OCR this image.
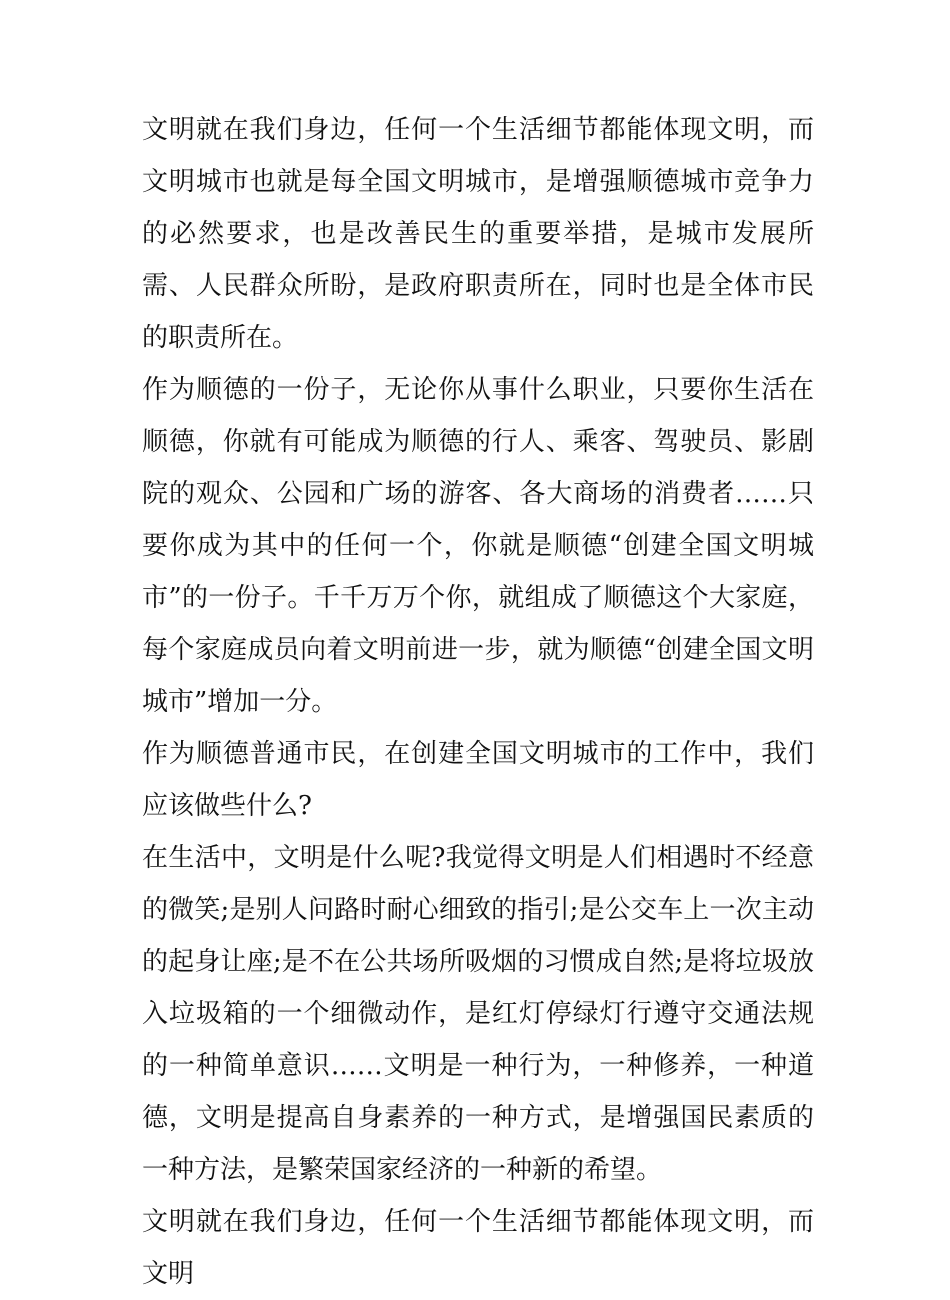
文明就在我们身边，任何一个生活细节都能体现文明，而文明城市也就是每全国文明城市，是增强顺德城市竞争力的必然要求，也是改善民生的重要举措，是城市发展所需、人民群众所盼，是政府职责所在，同时也是全体市民的职责所在。

作为顺德的一份子，无论你从事什么职业，只要你生活在顺德，你就有可能成为顺德的行人、乘客、驾驶员、影剧院的观众、公园和广场的游客、各大商场的消费者……只要你成为其中的任何一个，你就是顺德“创建全国文明城市”的一份子。千千万万个你，就组成了顺德这个大家庭，每个家庭成员向着文明前进一步，就为顺德“创建全国文明城市”增加一分。

作为顺德普通市民，在创建全国文明城市的工作中，我们应该做些什么?

在生活中，文明是什么呢?我觉得文明是人们相遇时不经意的微笑;是别人问路时耐心细致的指引;是公交车上一次主动的起身让座;是不在公共场所吸烟的习惯成自然;是将垃圾放入垃圾箱的一个细微动作，是红灯停绿灯行遵守交通法规的一种简单意识……文明是一种行为，一种修养，一种道德，文明是提高自身素养的一种方式，是增强国民素质的一种方法，是繁荣国家经济的一种新的希望。

文明就在我们身边，任何一个生活细节都能体现文明，而文明
